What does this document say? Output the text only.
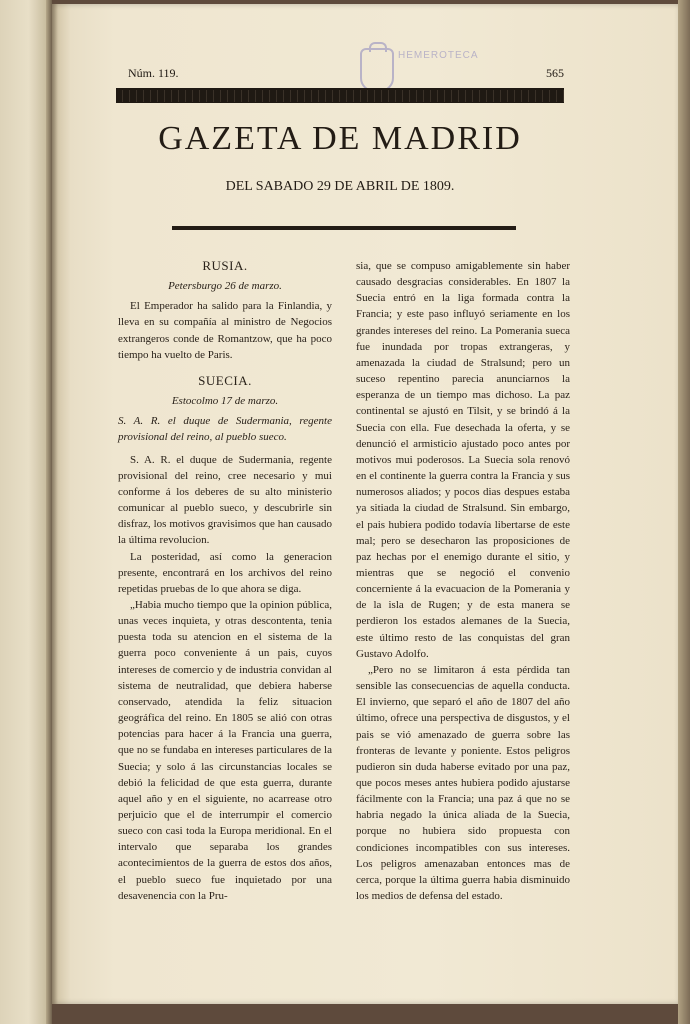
HEMEROTECA
Núm. 119.	565
GAZETA DE MADRID
DEL SABADO 29 DE ABRIL DE 1809.

RUSIA.

Petersburgo 26 de marzo.

El Emperador ha salido para la Finlandia, y lleva en su compañía al ministro de Negocios extrangeros conde de Romantzow, que ha poco tiempo ha vuelto de Paris.

SUECIA.

Estocolmo 17 de marzo.

S. A. R. el duque de Sudermania, regente provisional del reino, al pueblo sueco.

S. A. R. el duque de Sudermania, regente provisional del reino, cree necesario y mui conforme á los deberes de su alto ministerio comunicar al pueblo sueco, y descubrirle sin disfraz, los motivos gravisimos que han causado la última revolucion.

La posteridad, así como la generacion presente, encontrará en los archivos del reino repetidas pruebas de lo que ahora se diga.

„Habia mucho tiempo que la opinion pública, unas veces inquieta, y otras descontenta, tenia puesta toda su atencion en el sistema de la guerra poco conveniente á un pais, cuyos intereses de comercio y de industria convidan al sistema de neutralidad, que debiera haberse conservado, atendida la feliz situacion geográfica del reino. En 1805 se alió con otras potencias para hacer á la Francia una guerra, que no se fundaba en intereses particulares de la Suecia; y solo á las circunstancias locales se debió la felicidad de que esta guerra, durante aquel año y en el siguiente, no acarrease otro perjuicio que el de interrumpir el comercio sueco con casi toda la Europa meridional. En el intervalo que separaba los grandes acontecimientos de la guerra de estos dos años, el pueblo sueco fue inquietado por una desavenencia con la Pru-

sia, que se compuso amigablemente sin haber causado desgracias considerables. En 1807 la Suecia entró en la liga formada contra la Francia; y este paso influyó seriamente en los grandes intereses del reino. La Pomerania sueca fue inundada por tropas extrangeras, y amenazada la ciudad de Stralsund; pero un suceso repentino parecia anunciarnos la esperanza de un tiempo mas dichoso. La paz continental se ajustó en Tilsit, y se brindó á la Suecia con ella. Fue desechada la oferta, y se denunció el armisticio ajustado poco antes por motivos mui poderosos. La Suecia sola renovó en el continente la guerra contra la Francia y sus numerosos aliados; y pocos dias despues estaba ya sitiada la ciudad de Stralsund. Sin embargo, el pais hubiera podido todavía libertarse de este mal; pero se desecharon las proposiciones de paz hechas por el enemigo durante el sitio, y mientras que se negoció el convenio concerniente á la evacuacion de la Pomerania y de la isla de Rugen; y de esta manera se perdieron los estados alemanes de la Suecia, este último resto de las conquistas del gran Gustavo Adolfo.

„Pero no se limitaron á esta pérdida tan sensible las consecuencias de aquella conducta. El invierno, que separó el año de 1807 del año último, ofrece una perspectiva de disgustos, y el pais se vió amenazado de guerra sobre las fronteras de levante y poniente. Estos peligros pudieron sin duda haberse evitado por una paz, que pocos meses antes hubiera podido ajustarse fácilmente con la Francia; una paz á que no se habria negado la única aliada de la Suecia, porque no hubiera sido propuesta con condiciones incompatibles con sus intereses. Los peligros amenazaban entonces mas de cerca, porque la última guerra habia disminuido los medios de defensa del estado.
